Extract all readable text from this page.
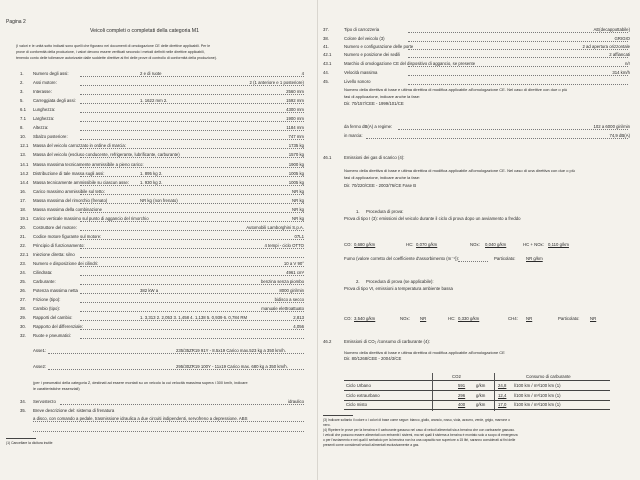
Pagina 2
Veicoli completi o completati della categoria M1
(I valori e le unità sotto indicati sono quelli che figurano nei documenti di omologazione CE delle direttive applicabili. Per le
prove di conformità della produzione, i valori devono essere verificati secondo i metodi definiti nelle direttive applicabili,
tenendo conto delle tolleranze autorizzate dalle suddette direttive ai fini delle prove di controllo di conformità della produzione).
1. Numero degli assi:	2 e di ruote	4
2. Assi motore:	2 (1 anteriore e 1 posteriore)
3. Interasse:	2560 mm
5. Carreggiata degli assi:	1. 1622 mm 2.	1592 mm
6.1 Lunghezza:	4300 mm
7.1 Larghezza:	1900 mm
8. Altezza:	1184 mm
10. Sbalzo posteriore:	747 mm
12.1 Massa del veicolo carrozzato in ordine di marcia:	1735 kg
13. Massa del veicolo (escluso conducente, refrigerante, lubrificante, carburante)	1570 kg
14.1 Massa massima tecnicamente ammissibile a pieno carico:	1900 kg
14.2 Distribuzione di tale massa sugli assi:	1. 895 kg 2.	1005 kg
14.4 Massa tecnicamente ammissibile su ciascun asse:	1. 930 kg 2.	1005 kg
16. Carico massimo ammissibile sul tetto:	NR kg
17. Massa massima del rimorchio (frenato)	NR kg (non frenato)	NR kg
18. Massa massima della combinazione	NR kg
19.1 Carico verticale massimo sul punto di aggancio del rimorchio	NR kg
20. Costruttore del motore:	Automobili Lamborghini S.p.A.
21. Codice motore figurante sul motore:	07L1
22. Principio di funzionamento:	4 tempi - ciclo OTTO
22.1 Iniezione diretta: si/no
23. Numero e disposizione dei cilindri:	10 a V 90°
24. Cilindrata:	4961 cm³
25. Carburante:	benzina senza piombo
26. Potenza massima netta	382 kW a	8000 giri/min
27. Frizione (tipo):	bidisco a secco
28. Cambio (tipo):	manuale elettroattuato
29. Rapporti del cambio:	1. 3,313 2. 2,053 3. 1,458 4. 1,138 5. 0,939 6. 0,784 RM	2,813
30. Rapporto del differenziale:	4,056
32. Ruote e pneumatici:
Asse1:	235/35ZR19 91Y - 8.5x19 Carico max.523 kg a 350 km/h.
Asse2:	295/30ZR19 100Y - 11x19 Carico max. 680 kg a 350 km/h.
(per i pneumatici della categoria Z, destinati ad essere montati su un veicolo la cui velocità massima supera i 300 km/h, indicare
le caratteristiche essenziali)
34. Servosterzo	idraulico
35. Breve descrizione del: sistema di frenatura
a disco, con comando a pedale, trasmissione idraulica a due circuiti indipendenti, servofreno a depressione. ABS
(1) Cancellare la dicitura inutile
37.	Tipo di carrozzeria	AE(decappottabile)
38.	Colore del veicolo (3)	GRIGIO
41.	Numero e configurazione delle porte	2 ad apertura orizzontale
42.1	Numero e posizione dei sedili	2 affiancati
43.1	Marchio di omologazione CE del dispositivo di aggancio, se presente	n/r
44.	Velocità massima	314 km/h
45.	Livello sonoro
Numero della direttiva di base e ultima direttiva di modifica applicabile all'omologazione CE. Nel caso di direttive con due o più
fasi di applicazione, indicare anche la fase:
Dir. 70/157/CEE - 1999/101/CE
da fermo dB(A) a regime:	102 a 6000 giri/min
in marcia:	74,9 dB(A)
46.1	Emissioni dei gas di scarico (4):
Numero della direttiva di base e ultima direttiva di modifica applicabile all'omologazione CE. Nel caso di una direttiva con due o più
fasi di applicazione, indicare anche la fase:
Dir. 70/220/CEE - 2003/76/CE Fase B
1. Procedura di prova:
Prova di tipo I (3): emissioni del veicolo durante il ciclo di prova dopo un avviamento a freddo
CO: 0,680 g/km	HC: 0,070 g/km	NOx: 0,040 g/km	HC + NOx: 0,110 g/km
Fumo (valore corretto del coefficiente d'assorbimento (m⁻¹)):	Particolato: NR g/km
2. Procedura di prova (se applicabile):
Prova di tipo VI, emissioni a temperatura ambiente bassa
CO: 3,540 g/km	NOx: NR	HC: 0,330 g/km	CH4: NR	Particolato: NR
46.2	Emissioni di CO₂ /consumo di carburante (4):
Numero della direttiva di base e ultima direttiva di modifica applicabile all'omologazione CE
Dir. 80/1268/CEE - 2004/3/CE
CO2	Consumo di carburante
Ciclo Urbano	591	g/km	24,8 l/100 km / m³/100 km (1)
Ciclo extraurbano	296	g/km	12,4 l/100 km / m³/100 km (1)
Ciclo misto	400	g/km	17,0 l/100 km / m³/100 km (1)
(3) Indicare soltanto il colore o i colori di base come segue: bianco, giallo, arancio, rosso, viola, azzurro, verde, grigio, marrone o
nero.
(4) Ripetere le prove per la benzina e il carburante gassoso nel caso di veicoli alimentati sia a benzina che con carburante gassoso.
I veicoli che possono essere alimentati con entrambi i sistemi, ma nei quali il sistema a benzina è montato solo a scopo di emergenza
o per l'avviamento e nei quali il serbatoio per la benzina non ha una capacità non superiore a 15 litri, saranno considerati ai fini delle
presenti come considerati veicoli alimentati esclusivamente a gas.
